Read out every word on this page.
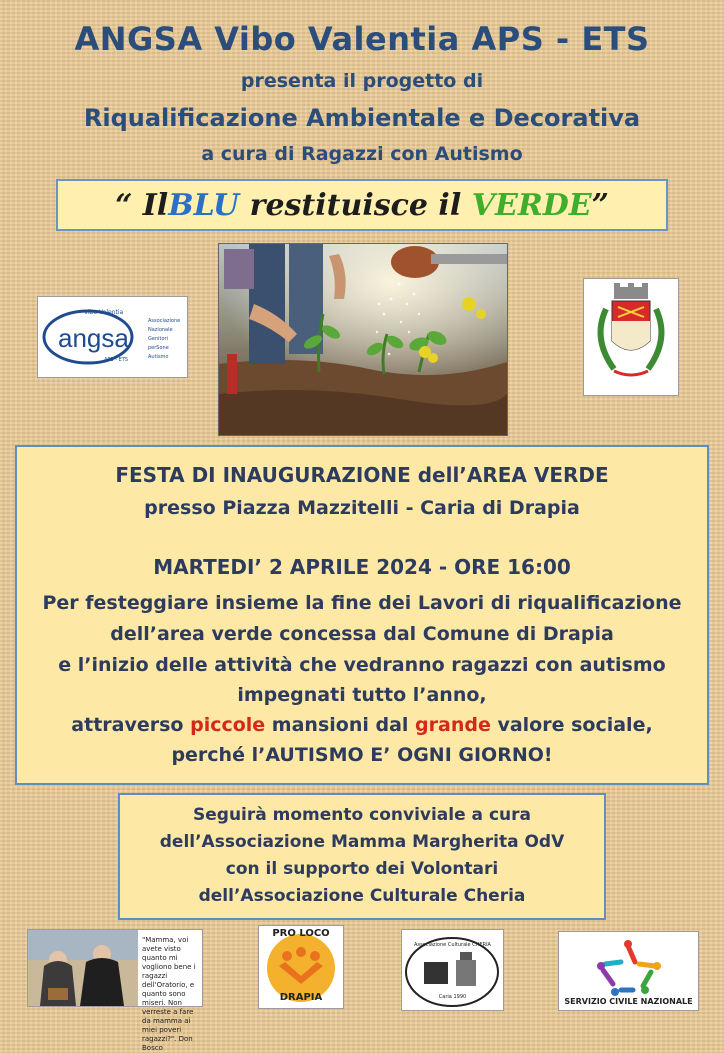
ANGSA Vibo Valentia APS - ETS
presenta il progetto di
Riqualificazione Ambientale e Decorativa
a cura di Ragazzi con Autismo
“ Il BLU restituisce il VERDE ”
Vibo Valentia
angsa
APS - ETS
Associazione
Nazionale
Genitori
perSone
Autismo
FESTA DI INAUGURAZIONE dell’AREA VERDE
presso Piazza Mazzitelli - Caria di Drapia
MARTEDI’ 2 APRILE 2024 - ORE 16:00
Per festeggiare insieme la fine dei Lavori di riqualificazione
dell’area verde concessa dal Comune di Drapia
e l’inizio delle attività che vedranno ragazzi con autismo
impegnati tutto l’anno,
attraverso piccole mansioni dal grande valore sociale,
perché l’AUTISMO E’ OGNI GIORNO!
Seguirà momento conviviale a cura
dell’Associazione Mamma Margherita OdV
con il supporto dei Volontari
dell’Associazione Culturale Cheria
"Mamma, voi avete visto quanto mi vogliono bene i ragazzi dell'Oratorio, e quanto sono miseri. Non verreste a fare da mamma ai miei poveri ragazzi?". Don Bosco
PRO LOCO
DRAPIA
Associazione Culturale CHERIA
Caria 1990	SERVIZIO CIVILE NAZIONALE
